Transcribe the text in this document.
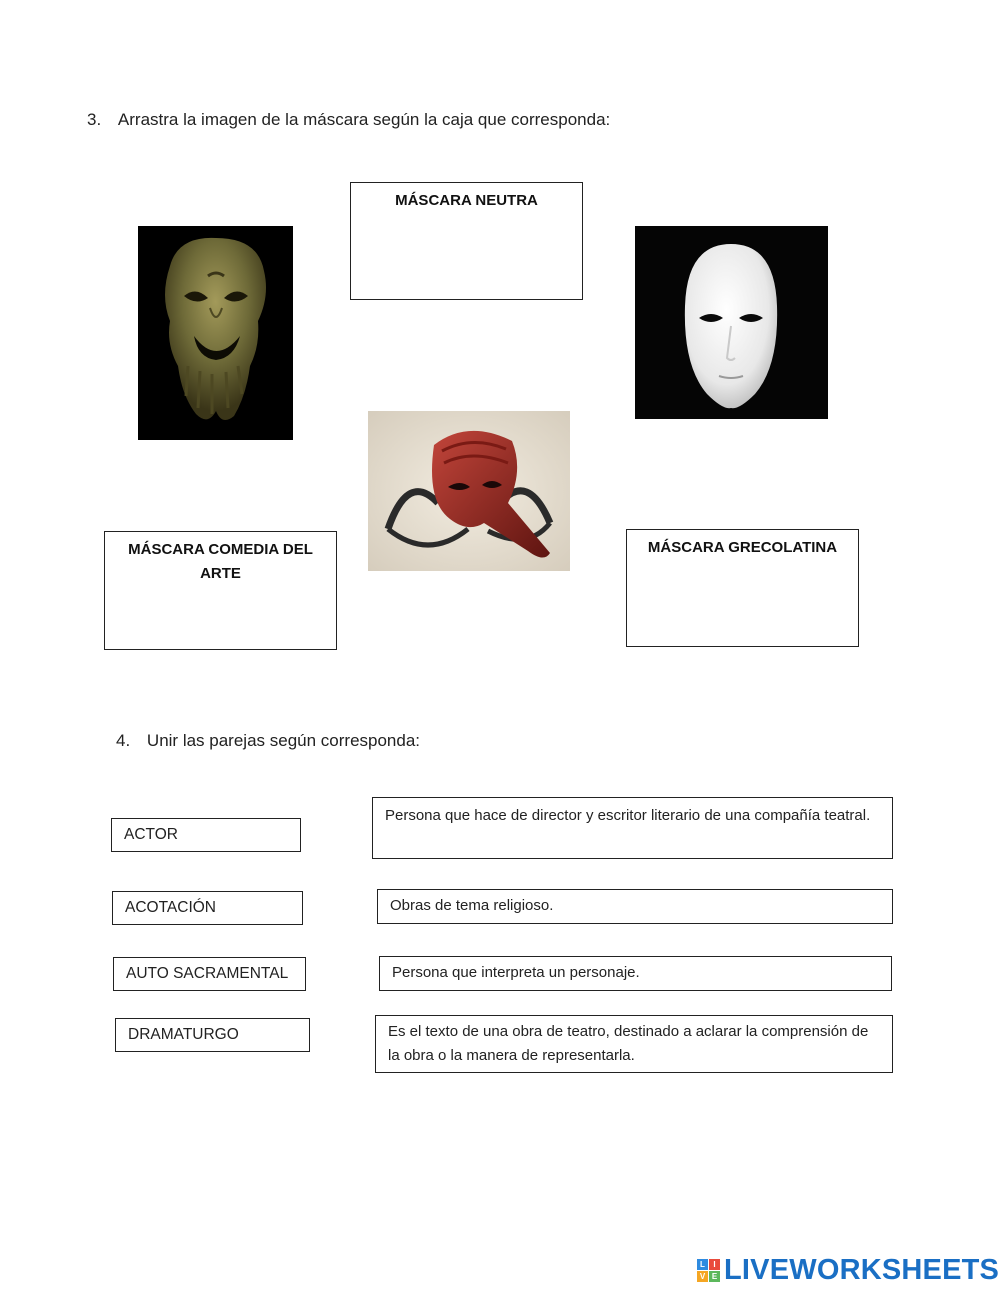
3. Arrastra la imagen de la máscara según la caja que corresponda:
MÁSCARA NEUTRA
MÁSCARA COMEDIA DEL ARTE
MÁSCARA GRECOLATINA
4. Unir las parejas según corresponda:
ACTOR
ACOTACIÓN
AUTO SACRAMENTAL
DRAMATURGO
Persona que hace de director y escritor literario de una compañía teatral.
Obras de tema religioso.
Persona que interpreta un personaje.
Es el texto de una obra de teatro, destinado a aclarar la comprensión de la obra o la manera de representarla.
L	I
V E LIVEWORKSHEETS
